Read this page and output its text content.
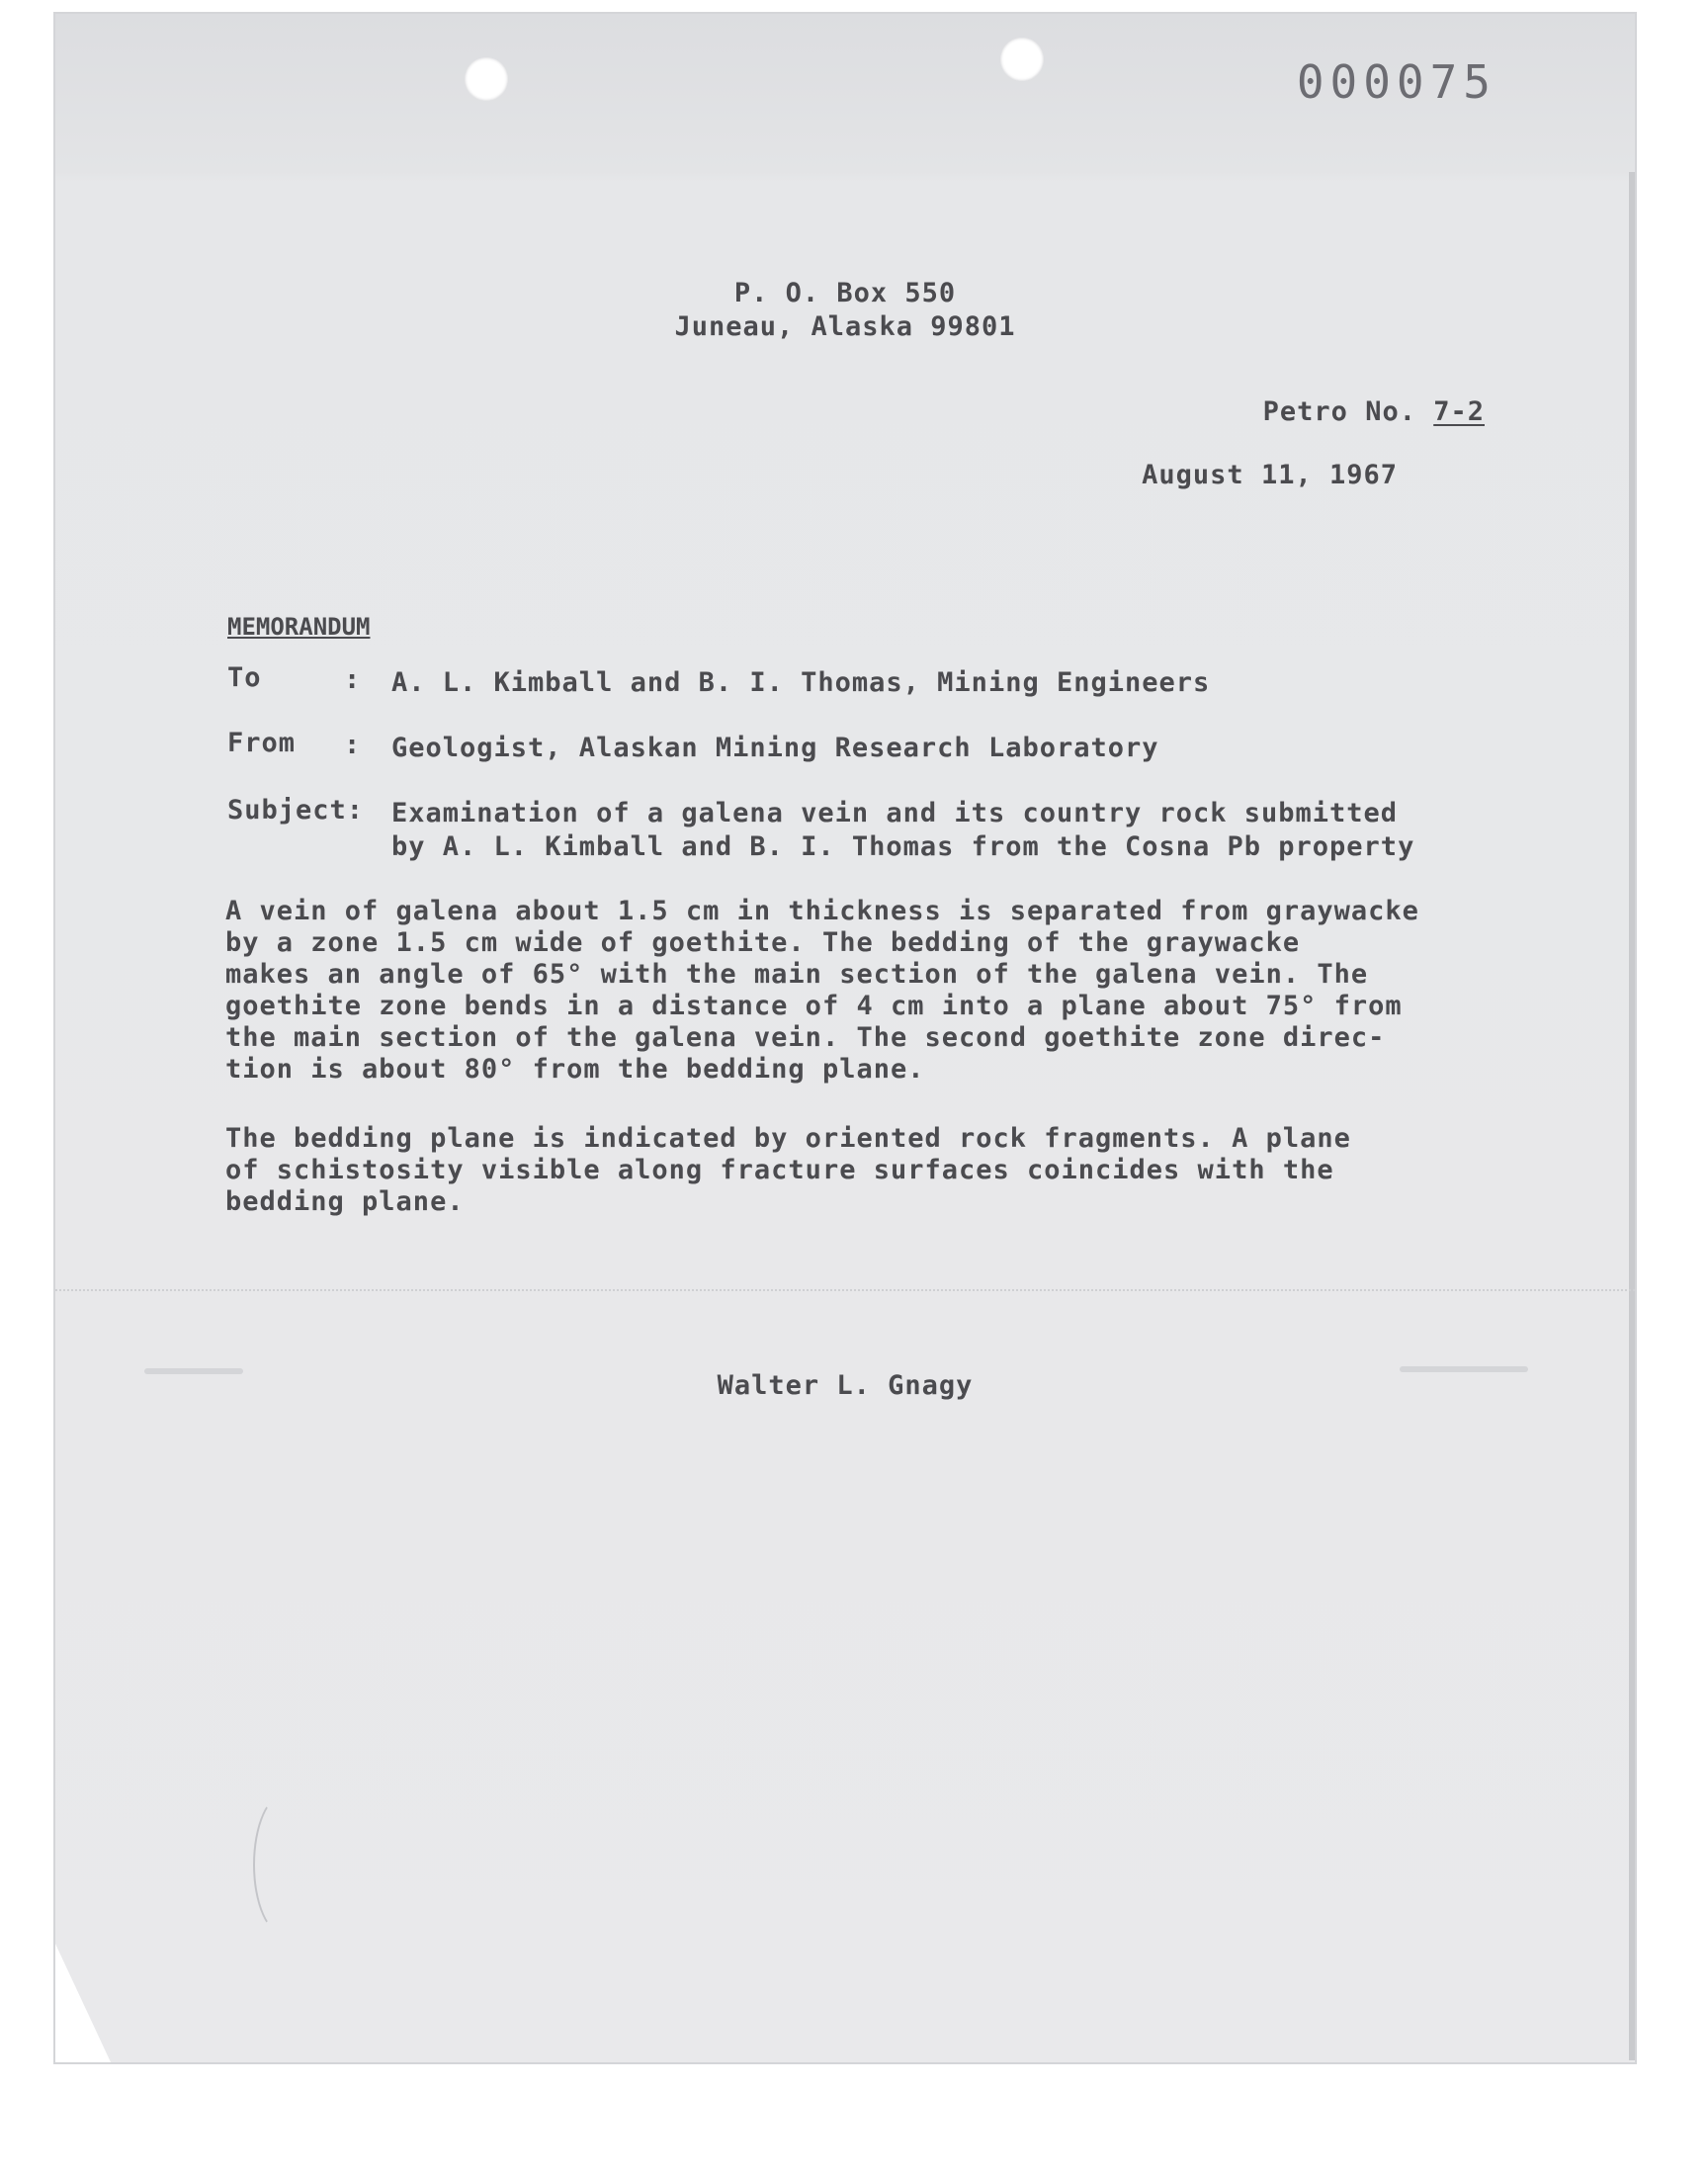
000075
P. O. Box 550
Juneau, Alaska 99801
Petro No. 7-2
August 11, 1967
MEMORANDUM
To	: A. L. Kimball and B. I. Thomas, Mining Engineers
From : Geologist, Alaskan Mining Research Laboratory
Subject: Examination of a galena vein and its country rock submitted
by A. L. Kimball and B. I. Thomas from the Cosna Pb property
A vein of galena about 1.5 cm in thickness is separated from graywacke
by a zone 1.5 cm wide of goethite. The bedding of the graywacke
makes an angle of 65° with the main section of the galena vein. The
goethite zone bends in a distance of 4 cm into a plane about 75° from
the main section of the galena vein. The second goethite zone direc-
tion is about 80° from the bedding plane.
The bedding plane is indicated by oriented rock fragments. A plane
of schistosity visible along fracture surfaces coincides with the
bedding plane.
Walter L. Gnagy
